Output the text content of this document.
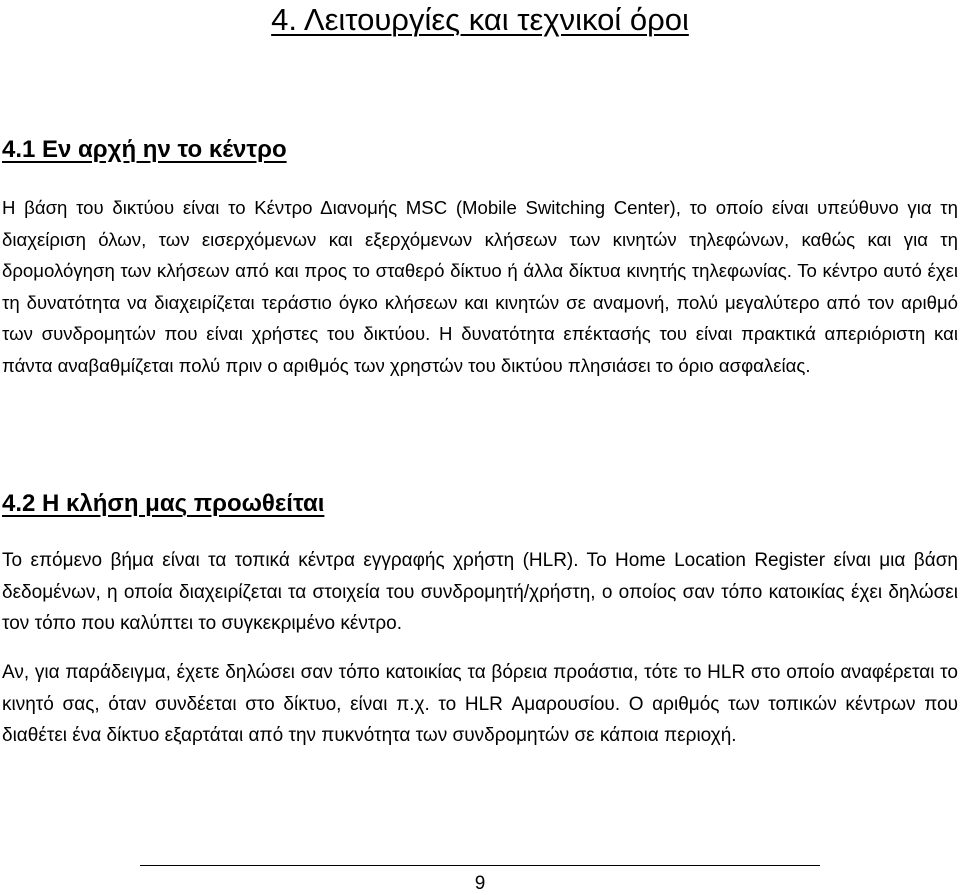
4. Λειτουργίες και τεχνικοί όροι
4.1 Εν αρχή ην το κέντρο

Η βάση του δικτύου είναι το Κέντρο Διανομής MSC (Mobile Switching Center), το οποίο είναι υπεύθυνο για τη διαχείριση όλων, των εισερχόμενων και εξερχόμενων κλήσεων των κινητών τηλεφώνων, καθώς και για τη δρομολόγηση των κλήσεων από και προς το σταθερό δίκτυο ή άλλα δίκτυα κινητής τηλεφωνίας. Το κέντρο αυτό έχει τη δυνατότητα να διαχειρίζεται τεράστιο όγκο κλήσεων και κινητών σε αναμονή, πολύ μεγαλύτερο από τον αριθμό των συνδρομητών που είναι χρήστες του δικτύου. Η δυνατότητα επέκτασής του είναι πρακτικά απεριόριστη και πάντα αναβαθμίζεται πολύ πριν ο αριθμός των χρηστών του δικτύου πλησιάσει το όριο ασφαλείας.

4.2 Η κλήση μας προωθείται

Το επόμενο βήμα είναι τα τοπικά κέντρα εγγραφής χρήστη (HLR). Το Home Location Register είναι μια βάση δεδομένων, η οποία διαχειρίζεται τα στοιχεία του συνδρομητή/χρήστη, ο οποίος σαν τόπο κατοικίας έχει δηλώσει τον τόπο που καλύπτει το συγκεκριμένο κέντρο.

Αν, για παράδειγμα, έχετε δηλώσει σαν τόπο κατοικίας τα βόρεια προάστια, τότε το HLR στο οποίο αναφέρεται το κινητό σας, όταν συνδέεται στο δίκτυο, είναι π.χ. το HLR Αμαρουσίου. Ο αριθμός των τοπικών κέντρων που διαθέτει ένα δίκτυο εξαρτάται από την πυκνότητα των συνδρομητών σε κάποια περιοχή.

9
